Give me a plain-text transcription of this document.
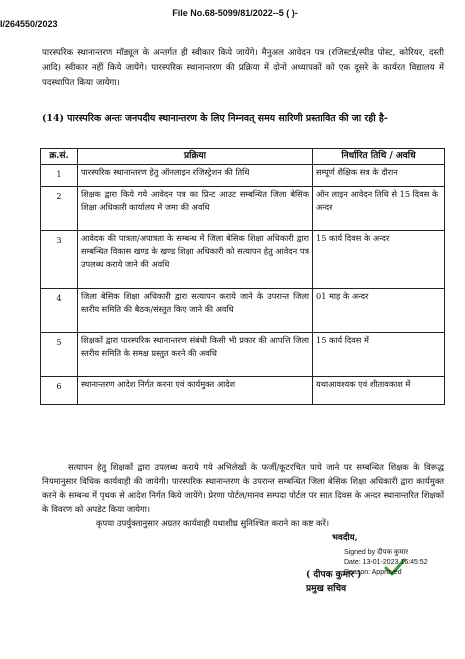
File No.68-5099/81/2022--5 ( )-
I/264550/2023
पारस्परिक स्थानान्तरण मॉड्यूल के अन्तर्गत ही स्वीकार किये जायेंगे। मैनुअल आवेदन पत्र (रजिस्टर्ड/स्पीड पोस्ट, कोरियर, दस्ती आदि) स्वीकार नहीं किये जायेंगे। पारस्परिक स्थानान्तरण की प्रक्रिया में दोनो अध्यापकों को एक दूसरे के कार्यरत विद्यालय में पदस्थापित किया जायेगा।
(14) पारस्परिक अन्तः जनपदीय स्थानान्तरण के लिए निम्नवत् समय सारिणी प्रस्तावित की जा रही है-
क्र.सं.	प्रक्रिया	निर्धारित तिथि / अवधि
1	पारस्परिक स्थानान्तरण हेतु ऑनलाइन रजिस्ट्रेशन की तिथि	सम्पूर्ण शैक्षिक सत्र के दौरान
2	शिक्षक द्वारा किये गये आवेदन पत्र का प्रिन्ट आउट सम्बन्धित जिला बेसिक शिक्षा अधिकारी कार्यालय में जमा की अवधि	ऑन लाइन आवेदन तिथि से 15 दिवस के अन्दर
3	आवेदक की पात्रता/अपात्रता के सम्बन्ध में जिला बेसिक शिक्षा अधिकारी द्वारा सम्बन्धित विकास खण्ड के खण्ड शिक्षा अधिकारी को सत्यापन हेतु आवेदन पत्र उपलब्ध कराये जाने की अवधि	15 कार्य दिवस के अन्दर
4	जिला बेसिक शिक्षा अधिकारी द्वारा सत्यापन कराये जाने के उपरान्त जिला स्तरीय समिति की बैठक/संस्तुत किए जाने की अवधि	01 माह के अन्दर
5	शिक्षकों द्वारा पारस्परिक स्थानान्तरण संबंधी किसी भी प्रकार की आपत्ति जिला स्तरीय समिति के समक्ष प्रस्तुत करने की अवधि	15 कार्य दिवस में
6	स्थानान्तरण आदेश निर्गत करना एवं कार्यमुक्त आदेश	यथाआवश्यक एवं शीतावकाश में
सत्यापन हेतु शिक्षकों द्वारा उपलब्ध कराये गये अभिलेखों के फर्जी/कूटरचित पाये जाने पर सम्बन्धित शिक्षक के विरूद्ध नियमानुसार विधिक कार्यवाही की जायेगी। पारस्परिक स्थानान्तरण के उपरान्त सम्बन्धित जिला बेसिक शिक्षा अधिकारी द्वारा कार्यमुक्त करने के सम्बन्ध में पृथक से आदेश निर्गत किये जायेंगे। प्रेरणा पोर्टल/मानव सम्पदा पोर्टल पर सात दिवस के अन्दर स्थानान्तरित शिक्षकों के विवरण को अपडेट किया जायेगा।
कृपया उपर्युक्तानुसार अग्रतर कार्यवाही यथाशीघ्र सुनिश्चित कराने का कष्ट करें।
भवदीय,
Signed by दीपक कुमार
Date: 13-01-2023 16:45:52
Reason: Approved
( दीपक कुमार )
प्रमुख सचिव
